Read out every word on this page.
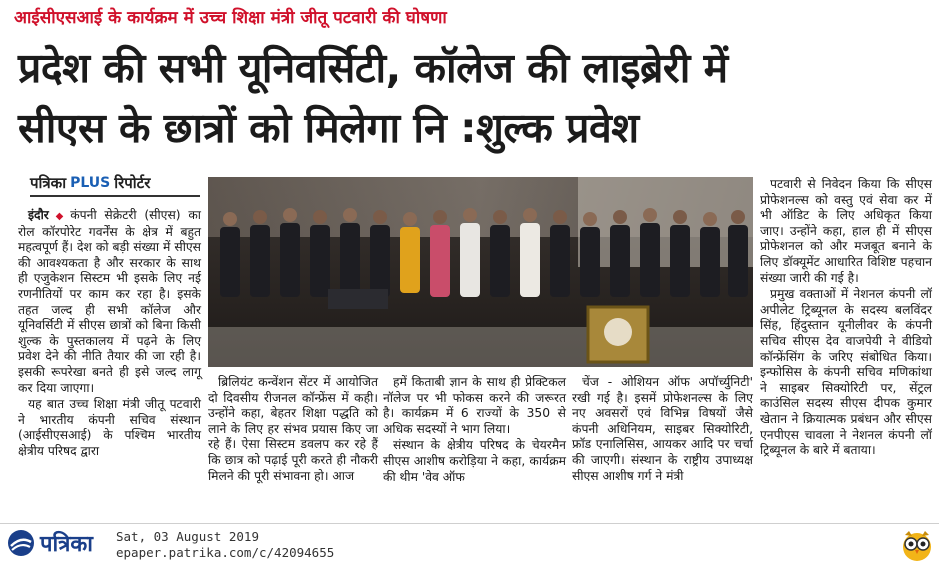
आईसीएसआई के कार्यक्रम में उच्च शिक्षा मंत्री जीतू पटवारी की घोषणा
प्रदेश की सभी यूनिवर्सिटी, कॉलेज की लाइब्रेरी में
सीएस के छात्रों को मिलेगा नि :शुल्क प्रवेश
पत्रिका PLUS रिपोर्टर
इंदौर ◆ कंपनी सेक्रेटरी (सीएस) का रोल कॉरपोरेट गवर्नेंस के क्षेत्र में बहुत महत्वपूर्ण हैं। देश को बड़ी संख्या में सीएस की आवश्यकता है और सरकार के साथ ही एजुकेशन सिस्टम भी इसके लिए नई रणनीतियों पर काम कर रहा है। इसके तहत जल्द ही सभी कॉलेज और यूनिवर्सिटी में सीएस छात्रों को बिना किसी शुल्क के पुस्तकालय में पढ़ने के लिए प्रवेश देने की नीति तैयार की जा रही है। इसकी रूपरेखा बनते ही इसे जल्द लागू कर दिया जाएगा।
यह बात उच्च शिक्षा मंत्री जीतू पटवारी ने भारतीय कंपनी सचिव संस्थान (आईसीएसआई) के पश्चिम भारतीय क्षेत्रीय परिषद द्वारा
ब्रिलियंट कन्वेंशन सेंटर में आयोजित दो दिवसीय रीजनल कॉन्फ्रेंस में कही। उन्होंने कहा, बेहतर शिक्षा पद्धति को लाने के लिए हर संभव प्रयास किए जा रहे हैं। ऐसा सिस्टम डवलप कर रहे हैं कि छात्र को पढ़ाई पूरी करते ही नौकरी मिलने की पूरी संभावना हो। आज
हमें किताबी ज्ञान के साथ ही प्रेक्टिकल नॉलेज पर भी फोकस करने की जरूरत है। कार्यक्रम में 6 राज्यों के 350 से अधिक सदस्यों ने भाग लिया।
संस्थान के क्षेत्रीय परिषद के चेयरमैन सीएस आशीष करोड़िया ने कहा, कार्यक्रम की थीम 'वेव ऑफ
चेंज - ओशियन ऑफ अपॉर्च्युनिटी' रखी गई है। इसमें प्रोफेशनल्स के लिए नए अवसरों एवं विभिन्न विषयों जैसे कंपनी अधिनियम, साइबर सिक्योरिटी, फ्रॉड एनालिसिस, आयकर आदि पर चर्चा की जाएगी। संस्थान के राष्ट्रीय उपाध्यक्ष सीएस आशीष गर्ग ने मंत्री
पटवारी से निवेदन किया कि सीएस प्रोफेशनल्स को वस्तु एवं सेवा कर में भी ऑडिट के लिए अधिकृत किया जाए। उन्होंने कहा, हाल ही में सीएस प्रोफेशनल को और मजबूत बनाने के लिए डॉक्यूमेंट आधारित विशिष्ट पहचान संख्या जारी की गई है।
प्रमुख वक्ताओं में नेशनल कंपनी लॉ अपीलेट ट्रिब्यूनल के सदस्य बलविंदर सिंह, हिंदुस्तान यूनीलीवर के कंपनी सचिव सीएस देव वाजपेयी ने वीडियो कॉन्फ्रेंसिंग के जरिए संबोधित किया। इन्फोसिस के कंपनी सचिव मणिकांथा ने साइबर सिक्योरिटी पर, सेंट्रल काउंसिल सदस्य सीएस दीपक कुमार खेतान ने क्रियात्मक प्रबंधन और सीएस एनपीएस चावला ने नेशनल कंपनी लॉ ट्रिब्यूनल के बारे में बताया।
पत्रिका Sat, 03 August 2019
epaper.patrika.com/c/42094655
